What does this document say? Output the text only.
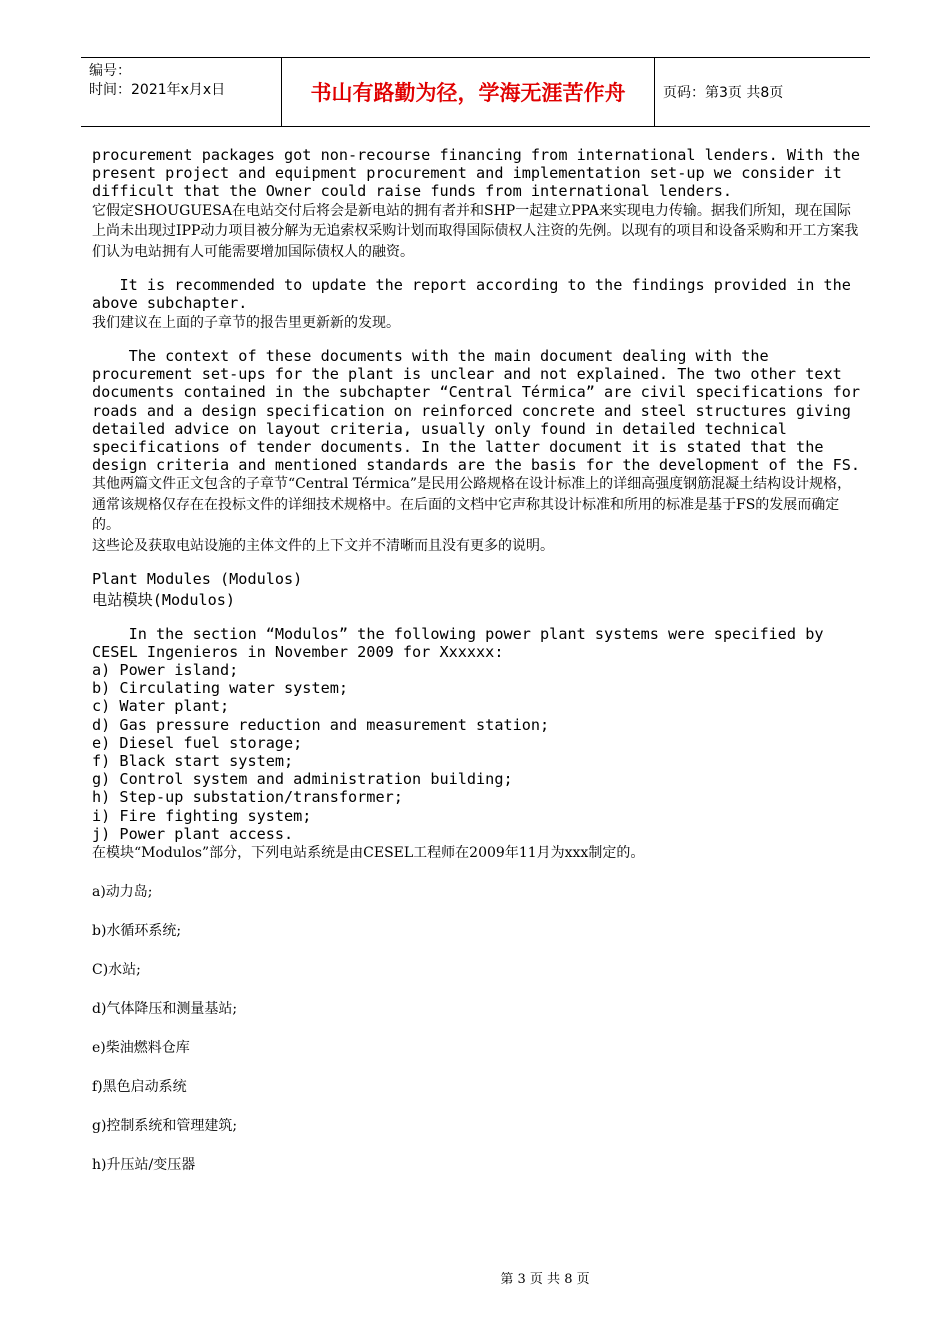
编号：
时间：2021年x月x日	书山有路勤为径，学海无涯苦作舟	页码：第3页 共8页

procurement packages got non-recourse financing from international lenders. With the present project and equipment procurement and implementation set-up we consider it difficult that the Owner could raise funds from international lenders.

它假定SHOUGUESA在电站交付后将会是新电站的拥有者并和SHP一起建立PPA来实现电力传输。据我们所知，现在国际上尚未出现过IPP动力项目被分解为无追索权采购计划而取得国际债权人注资的先例。以现有的项目和设备采购和开工方案我们认为电站拥有人可能需要增加国际债权人的融资。

It is recommended to update the report according to the findings provided in the above subchapter.

我们建议在上面的子章节的报告里更新新的发现。

The context of these documents with the main document dealing with the procurement set-ups for the plant is unclear and not explained. The two other text documents contained in the subchapter “Central Térmica” are civil specifications for roads and a design specification on reinforced concrete and steel structures giving detailed advice on layout criteria, usually only found in detailed technical specifications of tender documents. In the latter document it is stated that the design criteria and mentioned standards are the basis for the development of the FS.

其他两篇文件正文包含的子章节“Central Térmica”是民用公路规格在设计标准上的详细高强度钢筋混凝土结构设计规格，通常该规格仅存在在投标文件的详细技术规格中。在后面的文档中它声称其设计标准和所用的标准是基于FS的发展而确定的。

这些论及获取电站设施的主体文件的上下文并不清晰而且没有更多的说明。

Plant Modules (Modulos)

电站模块(Modulos)

In the section “Modulos” the following power plant systems were specified by CESEL Ingenieros in November 2009 for Xxxxxx:

a) Power island;

b) Circulating water system;

c) Water plant;

d) Gas pressure reduction and measurement station;

e) Diesel fuel storage;

f) Black start system;

g) Control system and administration building;

h) Step-up substation/transformer;

i) Fire fighting system;

j) Power plant access.

在模块“Modulos”部分，下列电站系统是由CESEL工程师在2009年11月为xxx制定的。

a)动力岛;

b)水循环系统;

C)水站;

d)气体降压和测量基站;

e)柴油燃料仓库

f)黑色启动系统

g)控制系统和管理建筑;

h)升压站/变压器

第 3 页 共 8 页
